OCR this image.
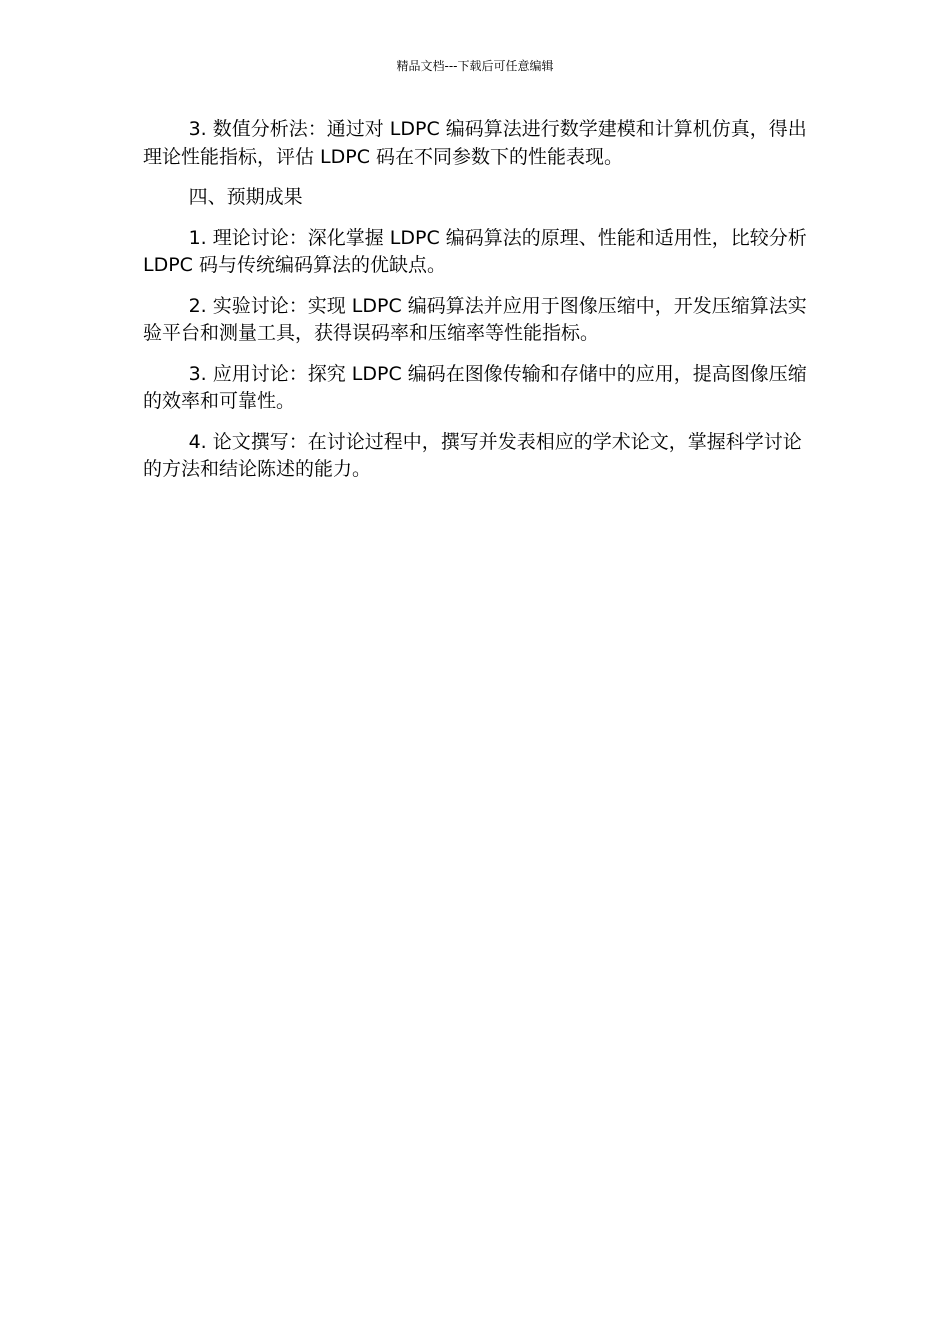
精品文档---下载后可任意编辑

3. 数值分析法：通过对 LDPC 编码算法进行数学建模和计算机仿真，得出理论性能指标，评估 LDPC 码在不同参数下的性能表现。

四、预期成果

1. 理论讨论：深化掌握 LDPC 编码算法的原理、性能和适用性，比较分析 LDPC 码与传统编码算法的优缺点。

2. 实验讨论：实现 LDPC 编码算法并应用于图像压缩中，开发压缩算法实验平台和测量工具，获得误码率和压缩率等性能指标。

3. 应用讨论：探究 LDPC 编码在图像传输和存储中的应用，提高图像压缩的效率和可靠性。

4. 论文撰写：在讨论过程中，撰写并发表相应的学术论文，掌握科学讨论的方法和结论陈述的能力。
